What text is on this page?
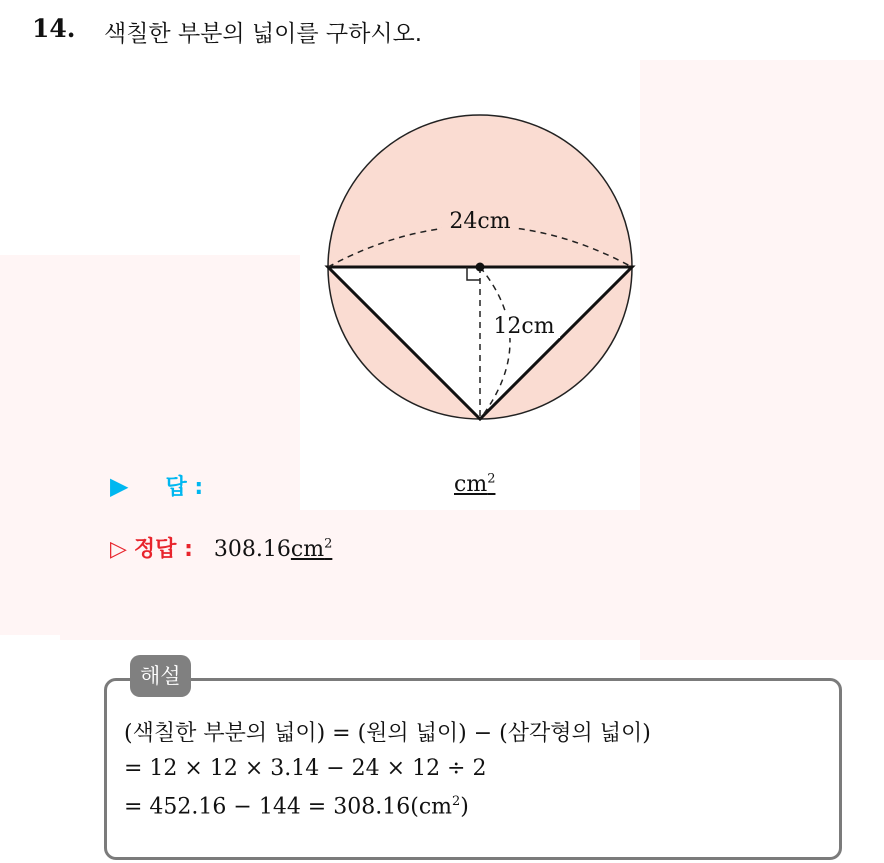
14. 색칠한 부분의 넓이를 구하시오.
24cm
12cm
▶ 답 :	$cm^2$
▷ 정답 : $308.16cm^2$
해설
(색칠한 부분의 넓이) = (원의 넓이) − (삼각형의 넓이)
= 12 × 12 × 3.14 − 24 × 12 ÷ 2
= $452.16 - 144 = 308.16(cm^2)$
